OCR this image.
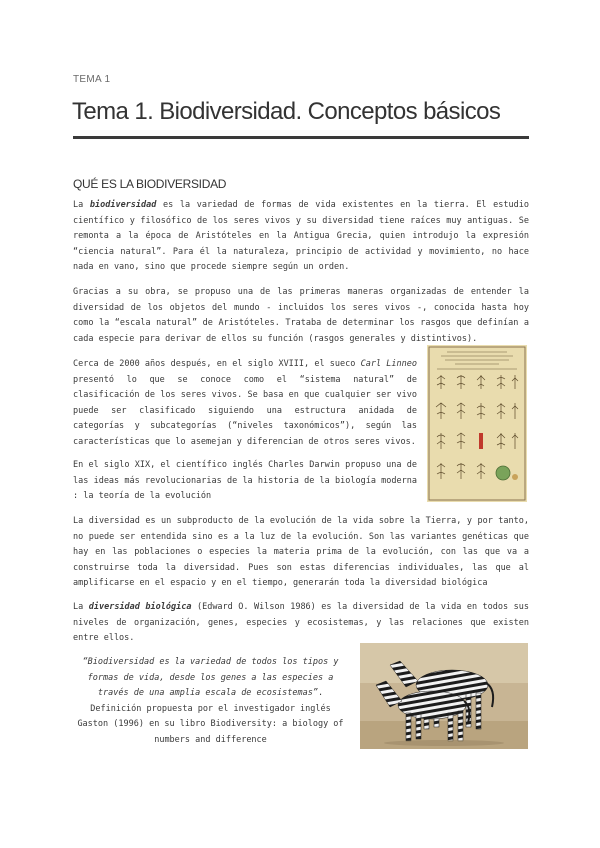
TEMA 1
Tema 1. Biodiversidad. Conceptos básicos
QUÉ ES LA BIODIVERSIDAD

La biodiversidad es la variedad de formas de vida existentes en la tierra. El estudio científico y filosófico de los seres vivos y su diversidad tiene raíces muy antiguas. Se remonta a la época de Aristóteles en la Antigua Grecia, quien introdujo la expresión “ciencia natural”. Para él la naturaleza, principio de actividad y movimiento, no hace nada en vano, sino que procede siempre según un orden.

Gracias a su obra, se propuso una de las primeras maneras organizadas de entender la diversidad de los objetos del mundo - incluidos los seres vivos -, conocida hasta hoy como la “escala natural” de Aristóteles. Trataba de determinar los rasgos que definían a cada especie para derivar de ellos su función (rasgos generales y distintivos).

Cerca de 2000 años después, en el siglo XVIII, el sueco Carl Linneo presentó lo que se conoce como el “sistema natural” de clasificación de los seres vivos. Se basa en que cualquier ser vivo puede ser clasificado siguiendo una estructura anidada de categorías y subcategorías (“niveles taxonómicos”), según las características que lo asemejan y diferencian de otros seres vivos.

En el siglo XIX, el científico inglés Charles Darwin propuso una de las ideas más revolucionarias de la historia de la biología moderna : la teoría de la evolución

La diversidad es un subproducto de la evolución de la vida sobre la Tierra, y por tanto, no puede ser entendida sino es a la luz de la evolución. Son las variantes genéticas que hay en las poblaciones o especies la materia prima de la evolución, con las que va a construirse toda la diversidad. Pues son estas diferencias individuales, las que al amplificarse en el espacio y en el tiempo, generarán toda la diversidad biológica

La diversidad biológica (Edward O. Wilson 1986) es la diversidad de la vida en todos sus niveles de organización, genes, especies y ecosistemas, y las relaciones que existen entre ellos.

“Biodiversidad es la variedad de todos los tipos y formas de vida, desde los genes a las especies a través de una amplia escala de ecosistemas”. Definición propuesta por el investigador inglés Gaston (1996) en su libro Biodiversity: a biology of numbers and difference
